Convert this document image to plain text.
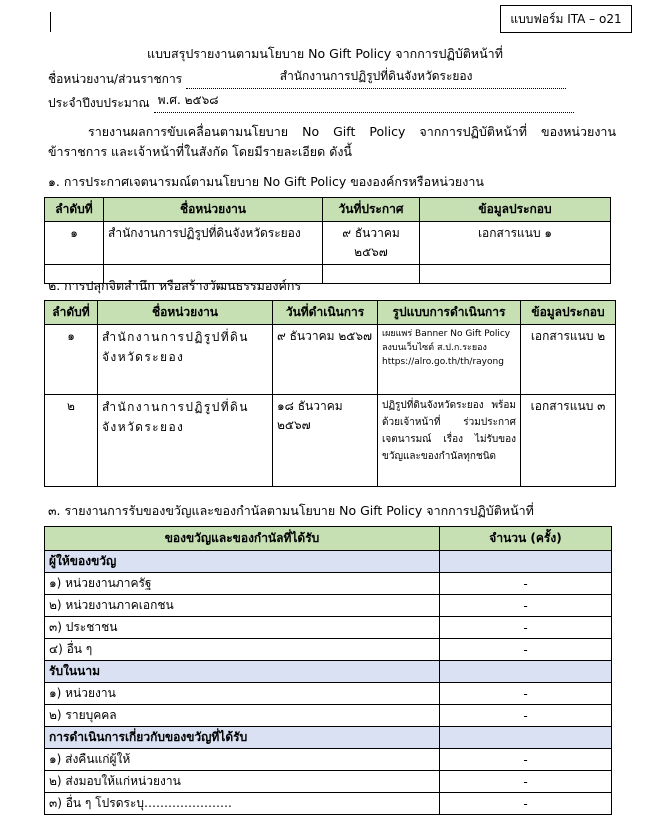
แบบฟอร์ม ITA – o21
แบบสรุปรายงานตามนโยบาย No Gift Policy จากการปฏิบัติหน้าที่
ชื่อหน่วยงาน/ส่วนราชการ	สำนักงานการปฏิรูปที่ดินจังหวัดระยอง
ประจำปีงบประมาณ พ.ศ. ๒๕๖๘
รายงานผลการขับเคลื่อนตามนโยบาย No Gift Policy จากการปฏิบัติหน้าที่ ของหน่วยงานข้าราชการ และเจ้าหน้าที่ในสังกัด โดยมีรายละเอียด ดังนี้
๑. การประกาศเจตนารมณ์ตามนโยบาย No Gift Policy ขององค์กรหรือหน่วยงาน
ลำดับที่	ชื่อหน่วยงาน	วันที่ประกาศ	ข้อมูลประกอบ
๑	สำนักงานการปฏิรูปที่ดินจังหวัดระยอง	๙ ธันวาคม ๒๕๖๗	เอกสารแนบ ๑

๒. การปลุกจิตสำนึก หรือสร้างวัฒนธรรมองค์กร
ลำดับที่	ชื่อหน่วยงาน	วันที่ดำเนินการ	รูปแบบการดำเนินการ	ข้อมูลประกอบ
๑	สำนักงานการปฏิรูปที่ดินจังหวัดระยอง	๙ ธันวาคม ๒๕๖๗	เผยแพร่ Banner No Gift Policy ลงบนเว็บไซต์ ส.ป.ก.ระยอง https://alro.go.th/th/rayong	เอกสารแนบ ๒
๒	สำนักงานการปฏิรูปที่ดินจังหวัดระยอง	๑๘ ธันวาคม ๒๕๖๗	ปฏิรูปที่ดินจังหวัดระยอง พร้อมด้วยเจ้าหน้าที่ ร่วมประกาศเจตนารมณ์ เรื่อง ไม่รับของขวัญและของกำนัลทุกชนิด	เอกสารแนบ ๓
๓. รายงานการรับของขวัญและของกำนัลตามนโยบาย No Gift Policy จากการปฏิบัติหน้าที่
ของขวัญและของกำนัลที่ได้รับ	จำนวน (ครั้ง)
ผู้ให้ของขวัญ	
๑) หน่วยงานภาครัฐ	-
๒) หน่วยงานภาคเอกชน	-
๓) ประชาชน	-
๔) อื่น ๆ	-
รับในนาม	
๑) หน่วยงาน	-
๒) รายบุคคล	-
การดำเนินการเกี่ยวกับของขวัญที่ได้รับ	
๑) ส่งคืนแก่ผู้ให้	-
๒) ส่งมอบให้แก่หน่วยงาน	-
๓) อื่น ๆ โปรดระบุ………………….	-
